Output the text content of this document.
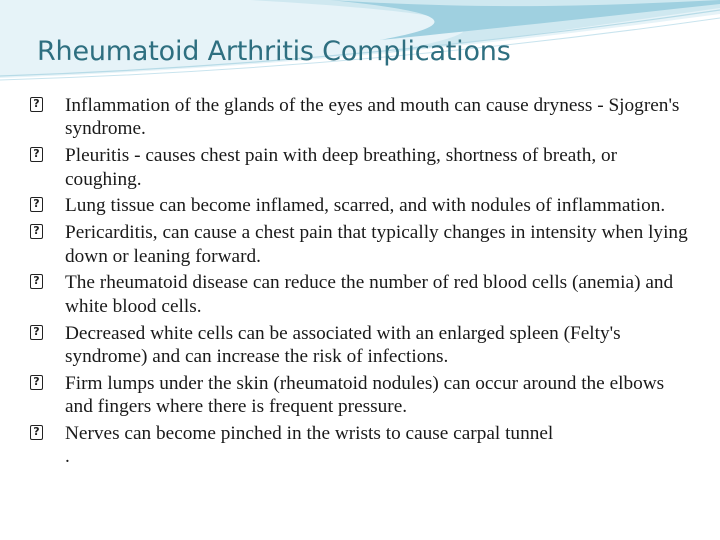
Rheumatoid Arthritis Complications
?
Inflammation of the glands of the eyes and mouth can cause dryness - Sjogren's syndrome.
?
Pleuritis - causes chest pain with deep breathing, shortness of breath, or coughing.
?
Lung tissue can become inflamed, scarred, and with nodules of inflammation.
?
Pericarditis, can cause a chest pain that typically changes in intensity when lying down or leaning forward.
?
The rheumatoid disease can reduce the number of red blood cells (anemia) and white blood cells.
?
Decreased white cells can be associated with an enlarged spleen (Felty's syndrome) and can increase the risk of infections.
?
Firm lumps under the skin (rheumatoid nodules) can occur around the elbows and fingers where there is frequent pressure.
?
Nerves can become pinched in the wrists to cause carpal tunnel
.
